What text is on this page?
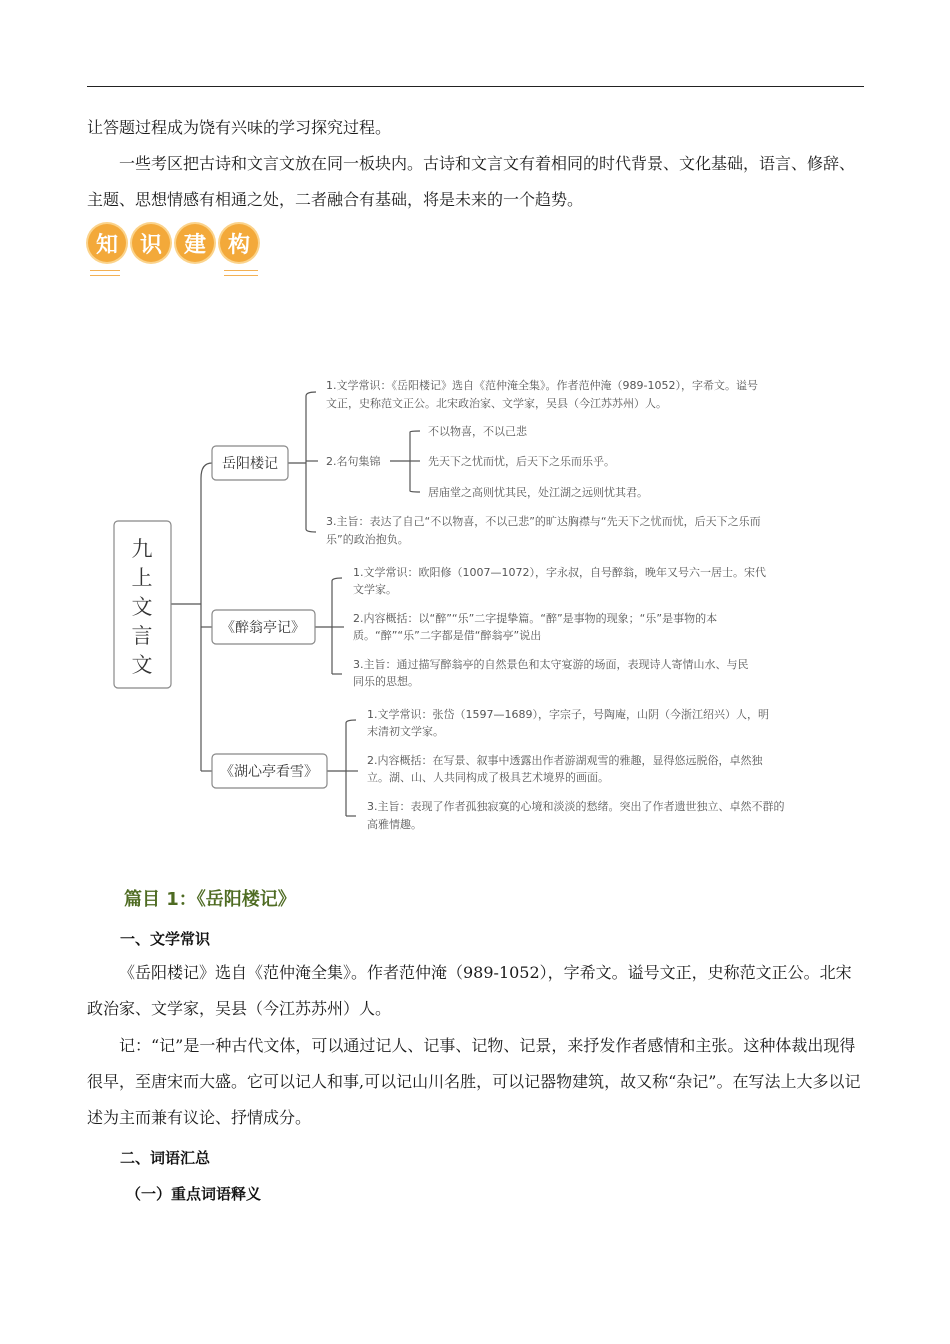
让答题过程成为饶有兴味的学习探究过程。

一些考区把古诗和文言文放在同一板块内。古诗和文言文有着相同的时代背景、文化基础，语言、修辞、主题、思想情感有相通之处，二者融合有基础，将是未来的一个趋势。

知 识 建 构
九
上
文
言
文
岳阳楼记
《醉翁亭记》
《湖心亭看雪》
1.文学常识：《岳阳楼记》选自《范仲淹全集》。作者范仲淹（989-1052），字希文。谥号
文正，史称范文正公。北宋政治家、文学家，吴县（今江苏苏州）人。
2.名句集锦
不以物喜，不以己悲
先天下之忧而忧，后天下之乐而乐乎。
居庙堂之高则忧其民，处江湖之远则忧其君。
3.主旨：表达了自己“不以物喜，不以己悲”的旷达胸襟与“先天下之忧而忧，后天下之乐而
乐”的政治抱负。
1.文学常识：欧阳修（1007—1072），字永叔，自号醉翁，晚年又号六一居士。宋代
文学家。
2.内容概括：以“醉”“乐”二字提挚篇。“醉”是事物的现象；“乐”是事物的本
质。“醉”“乐”二字都是借“醉翁亭”说出
3.主旨：通过描写醉翁亭的自然景色和太守宴游的场面，表现诗人寄情山水、与民
同乐的思想。
1.文学常识：张岱（1597—1689），字宗子，号陶庵，山阴（今浙江绍兴）人，明
末清初文学家。
2.内容概括：在写景、叙事中透露出作者游湖观雪的雅趣，显得悠远脱俗，卓然独
立。湖、山、人共同构成了极具艺术境界的画面。
3.主旨：表现了作者孤独寂寞的心境和淡淡的愁绪。突出了作者遗世独立、卓然不群的
高雅情趣。

篇目 1：《岳阳楼记》

一、文学常识

《岳阳楼记》选自《范仲淹全集》。作者范仲淹（989-1052），字希文。谥号文正，史称范文正公。北宋政治家、文学家，吴县（今江苏苏州）人。

记：“记”是一种古代文体，可以通过记人、记事、记物、记景，来抒发作者感情和主张。这种体裁出现得很早，至唐宋而大盛。它可以记人和事,可以记山川名胜，可以记器物建筑，故又称“杂记”。在写法上大多以记述为主而兼有议论、抒情成分。

二、词语汇总

（一）重点词语释义
